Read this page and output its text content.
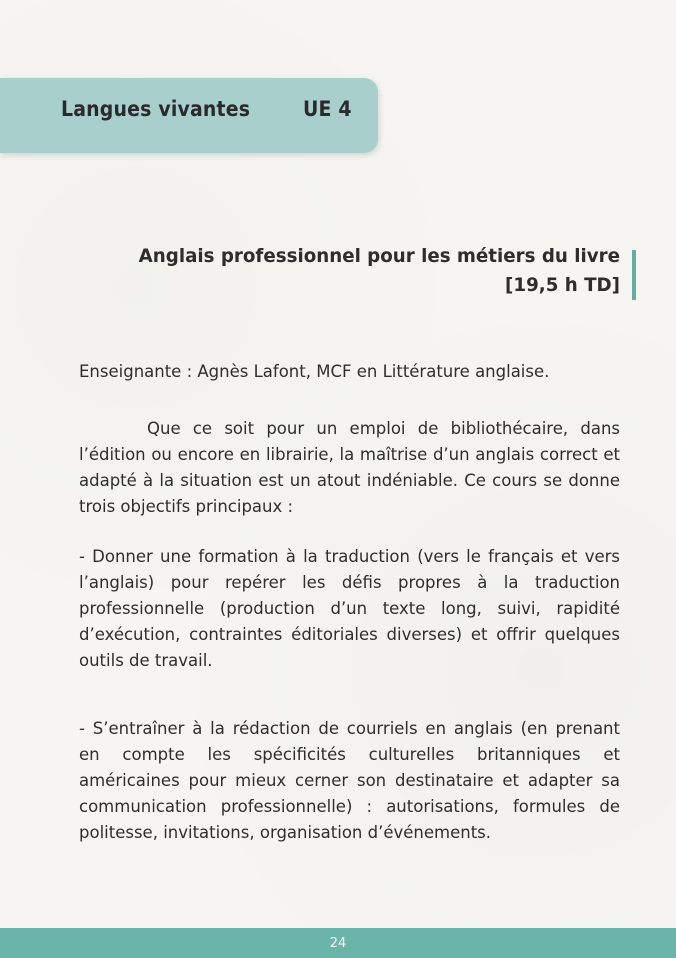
Langues vivantes	UE 4
Anglais professionnel pour les métiers du livre
[19,5 h TD]
Enseignante : Agnès Lafont, MCF en Littérature anglaise.
Que ce soit pour un emploi de bibliothécaire, dans l’édition ou encore en librairie, la maîtrise d’un anglais correct et adapté à la situation est un atout indéniable. Ce cours se donne trois objectifs principaux :
- Donner une formation à la traduction (vers le français et vers l’anglais) pour repérer les défis propres à la traduction professionnelle (production d’un texte long, suivi, rapidité d’exécution, contraintes éditoriales diverses) et offrir quelques outils de travail.
- S’entraîner à la rédaction de courriels en anglais (en prenant en compte les spécificités culturelles britanniques et américaines pour mieux cerner son destinataire et adapter sa communication professionnelle) : autorisations, formules de politesse, invitations, organisation d’événements.
24
